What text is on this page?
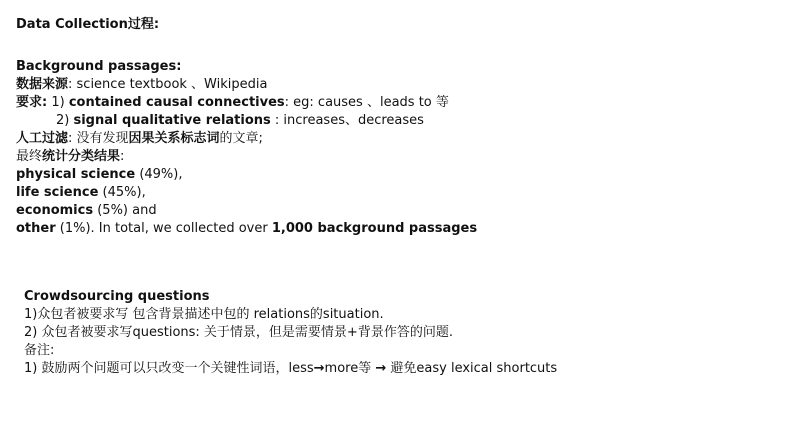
Data Collection过程:
Background passages:
数据来源: science textbook 、Wikipedia
要求: 1) contained causal connectives: eg: causes 、leads to 等
2) signal qualitative relations : increases、decreases
人工过滤: 没有发现因果关系标志词的文章;
最终统计分类结果:
physical science (49%),
life science (45%),
economics (5%) and
other (1%). In total, we collected over 1,000 background passages
Crowdsourcing questions
1)众包者被要求写 包含背景描述中包的 relations的situation.
2) 众包者被要求写questions: 关于情景，但是需要情景+背景作答的问题.
备注:
1) 鼓励两个问题可以只改变一个关键性词语，less→more等 → 避免easy lexical shortcuts
